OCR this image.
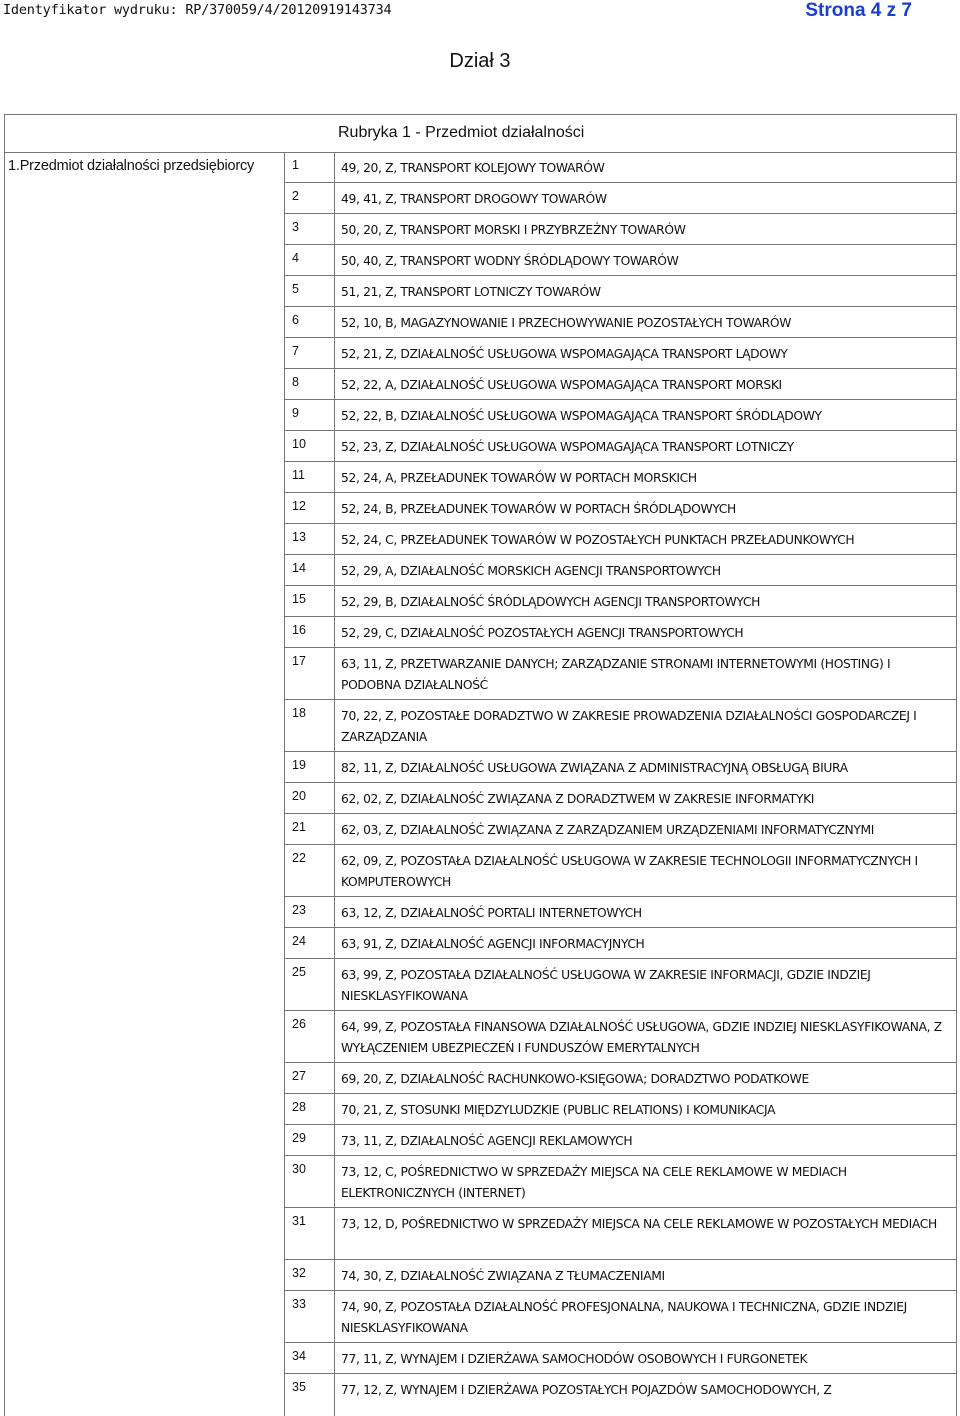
Identyfikator wydruku: RP/370059/4/20120919143734	Strona 4 z 7
Dział 3
Rubryka 1 - Przedmiot działalności
1.Przedmiot działalności przedsiębiorcy	1	49, 20, Z, TRANSPORT KOLEJOWY TOWARÓW
2	49, 41, Z, TRANSPORT DROGOWY TOWARÓW
3	50, 20, Z, TRANSPORT MORSKI I PRZYBRZEŻNY TOWARÓW
4	50, 40, Z, TRANSPORT WODNY ŚRÓDLĄDOWY TOWARÓW
5	51, 21, Z, TRANSPORT LOTNICZY TOWARÓW
6	52, 10, B, MAGAZYNOWANIE I PRZECHOWYWANIE POZOSTAŁYCH TOWARÓW
7	52, 21, Z, DZIAŁALNOŚĆ USŁUGOWA WSPOMAGAJĄCA TRANSPORT LĄDOWY
8	52, 22, A, DZIAŁALNOŚĆ USŁUGOWA WSPOMAGAJĄCA TRANSPORT MORSKI
9	52, 22, B, DZIAŁALNOŚĆ USŁUGOWA WSPOMAGAJĄCA TRANSPORT ŚRÓDLĄDOWY
10	52, 23, Z, DZIAŁALNOŚĆ USŁUGOWA WSPOMAGAJĄCA TRANSPORT LOTNICZY
11	52, 24, A, PRZEŁADUNEK TOWARÓW W PORTACH MORSKICH
12	52, 24, B, PRZEŁADUNEK TOWARÓW W PORTACH ŚRÓDLĄDOWYCH
13	52, 24, C, PRZEŁADUNEK TOWARÓW W POZOSTAŁYCH PUNKTACH PRZEŁADUNKOWYCH
14	52, 29, A, DZIAŁALNOŚĆ MORSKICH AGENCJI TRANSPORTOWYCH
15	52, 29, B, DZIAŁALNOŚĆ ŚRÓDLĄDOWYCH AGENCJI TRANSPORTOWYCH
16	52, 29, C, DZIAŁALNOŚĆ POZOSTAŁYCH AGENCJI TRANSPORTOWYCH
17	63, 11, Z, PRZETWARZANIE DANYCH; ZARZĄDZANIE STRONAMI INTERNETOWYMI (HOSTING) I PODOBNA DZIAŁALNOŚĆ
18	70, 22, Z, POZOSTAŁE DORADZTWO W ZAKRESIE PROWADZENIA DZIAŁALNOŚCI GOSPODARCZEJ I ZARZĄDZANIA
19	82, 11, Z, DZIAŁALNOŚĆ USŁUGOWA ZWIĄZANA Z ADMINISTRACYJNĄ OBSŁUGĄ BIURA
20	62, 02, Z, DZIAŁALNOŚĆ ZWIĄZANA Z DORADZTWEM W ZAKRESIE INFORMATYKI
21	62, 03, Z, DZIAŁALNOŚĆ ZWIĄZANA Z ZARZĄDZANIEM URZĄDZENIAMI INFORMATYCZNYMI
22	62, 09, Z, POZOSTAŁA DZIAŁALNOŚĆ USŁUGOWA W ZAKRESIE TECHNOLOGII INFORMATYCZNYCH I KOMPUTEROWYCH
23	63, 12, Z, DZIAŁALNOŚĆ PORTALI INTERNETOWYCH
24	63, 91, Z, DZIAŁALNOŚĆ AGENCJI INFORMACYJNYCH
25	63, 99, Z, POZOSTAŁA DZIAŁALNOŚĆ USŁUGOWA W ZAKRESIE INFORMACJI, GDZIE INDZIEJ NIESKLASYFIKOWANA
26	64, 99, Z, POZOSTAŁA FINANSOWA DZIAŁALNOŚĆ USŁUGOWA, GDZIE INDZIEJ NIESKLASYFIKOWANA, Z WYŁĄCZENIEM UBEZPIECZEŃ I FUNDUSZÓW EMERYTALNYCH
27	69, 20, Z, DZIAŁALNOŚĆ RACHUNKOWO-KSIĘGOWA; DORADZTWO PODATKOWE
28	70, 21, Z, STOSUNKI MIĘDZYLUDZKIE (PUBLIC RELATIONS) I KOMUNIKACJA
29	73, 11, Z, DZIAŁALNOŚĆ AGENCJI REKLAMOWYCH
30	73, 12, C, POŚREDNICTWO W SPRZEDAŻY MIEJSCA NA CELE REKLAMOWE W MEDIACH ELEKTRONICZNYCH (INTERNET)
31	73, 12, D, POŚREDNICTWO W SPRZEDAŻY MIEJSCA NA CELE REKLAMOWE W POZOSTAŁYCH MEDIACH
32	74, 30, Z, DZIAŁALNOŚĆ ZWIĄZANA Z TŁUMACZENIAMI
33	74, 90, Z, POZOSTAŁA DZIAŁALNOŚĆ PROFESJONALNA, NAUKOWA I TECHNICZNA, GDZIE INDZIEJ NIESKLASYFIKOWANA
34	77, 11, Z, WYNAJEM I DZIERŻAWA SAMOCHODÓW OSOBOWYCH I FURGONETEK
35	77, 12, Z, WYNAJEM I DZIERŻAWA POZOSTAŁYCH POJAZDÓW SAMOCHODOWYCH, Z
